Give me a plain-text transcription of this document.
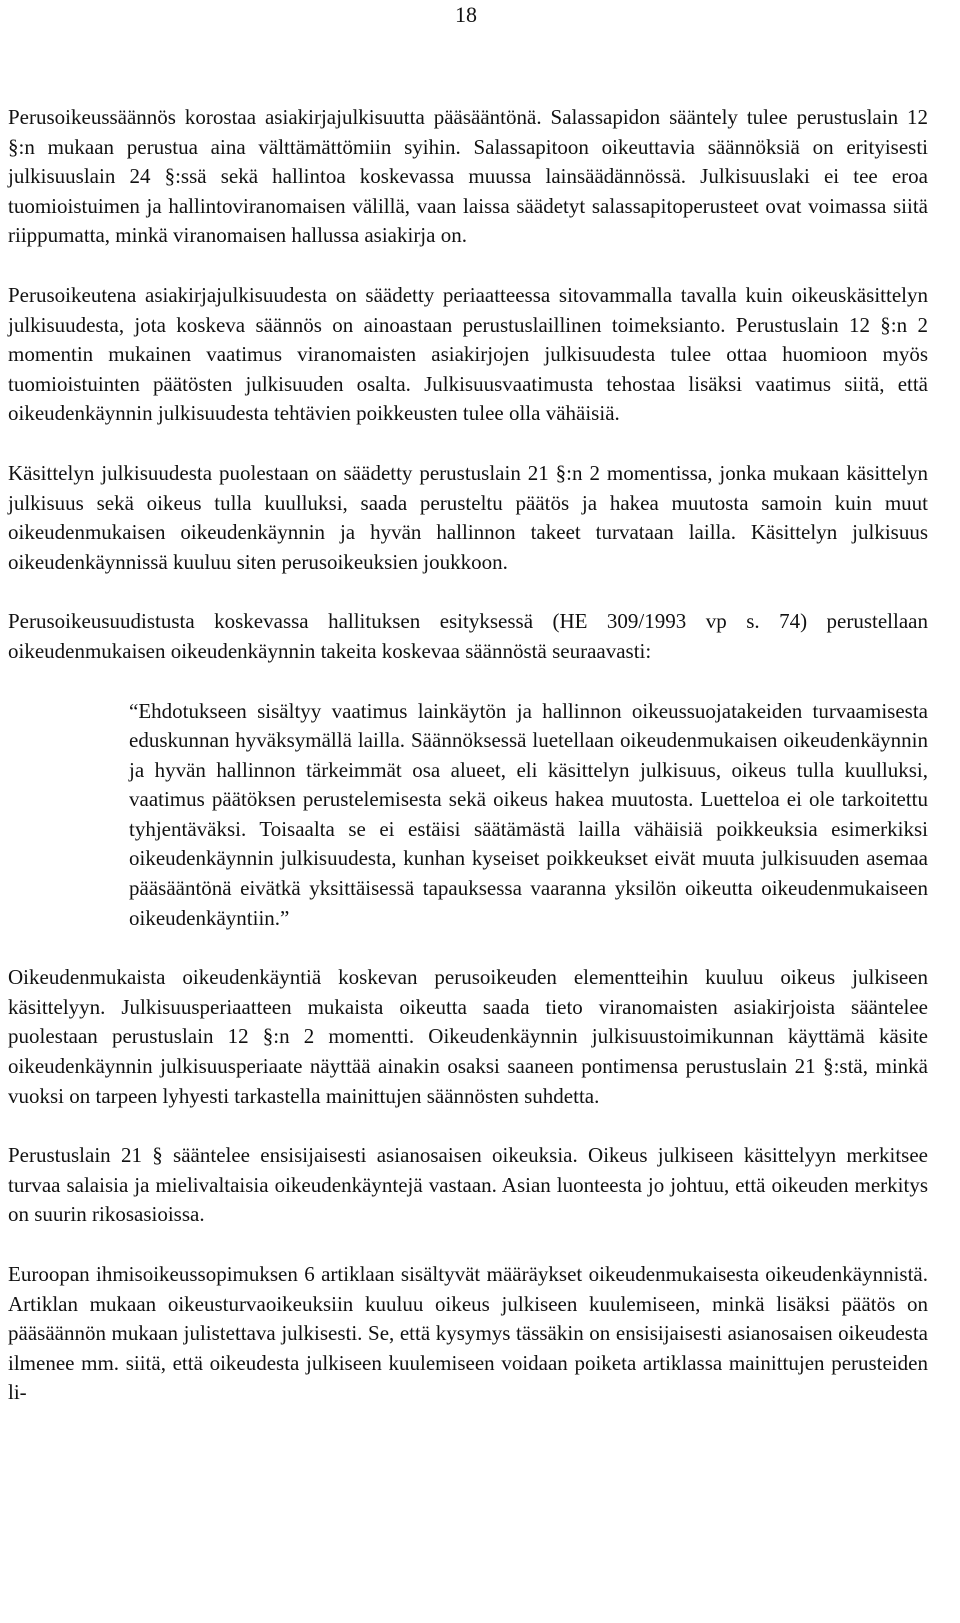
18

Perusoikeussäännös korostaa asiakirjajulkisuutta pääsääntönä. Salassapidon sääntely tulee perustuslain 12 §:n mukaan perustua aina välttämättömiin syihin. Salassapitoon oikeuttavia säännöksiä on erityisesti julkisuuslain 24 §:ssä sekä hallintoa koskevassa muussa lainsäädännössä. Julkisuuslaki ei tee eroa tuomioistuimen ja hallintoviranomaisen välillä, vaan laissa säädetyt salassapitoperusteet ovat voimassa siitä riippumatta, minkä viranomaisen hallussa asiakirja on.

Perusoikeutena asiakirjajulkisuudesta on säädetty periaatteessa sitovammalla tavalla kuin oikeuskäsittelyn julkisuudesta, jota koskeva säännös on ainoastaan perustuslaillinen toimeksianto. Perustuslain 12 §:n 2 momentin mukainen vaatimus viranomaisten asiakirjojen julkisuudesta tulee ottaa huomioon myös tuomioistuinten päätösten julkisuuden osalta. Julkisuusvaatimusta tehostaa lisäksi vaatimus siitä, että oikeudenkäynnin julkisuudesta tehtävien poikkeusten tulee olla vähäisiä.

Käsittelyn julkisuudesta puolestaan on säädetty perustuslain 21 §:n 2 momentissa, jonka mukaan käsittelyn julkisuus sekä oikeus tulla kuulluksi, saada perusteltu päätös ja hakea muutosta samoin kuin muut oikeudenmukaisen oikeudenkäynnin ja hyvän hallinnon takeet turvataan lailla. Käsittelyn julkisuus oikeudenkäynnissä kuuluu siten perusoikeuksien joukkoon.

Perusoikeusuudistusta koskevassa hallituksen esityksessä (HE 309/1993 vp s. 74) perustellaan oikeudenmukaisen oikeudenkäynnin takeita koskevaa säännöstä seuraavasti:

“Ehdotukseen sisältyy vaatimus lainkäytön ja hallinnon oikeussuojatakeiden turvaamisesta eduskunnan hyväksymällä lailla. Säännöksessä luetellaan oikeudenmukaisen oikeudenkäynnin ja hyvän hallinnon tärkeimmät osa alueet, eli käsittelyn julkisuus, oikeus tulla kuulluksi, vaatimus päätöksen perustelemisesta sekä oikeus hakea muutosta. Luetteloa ei ole tarkoitettu tyhjentäväksi. Toisaalta se ei estäisi säätämästä lailla vähäisiä poikkeuksia esimerkiksi oikeudenkäynnin julkisuudesta, kunhan kyseiset poikkeukset eivät muuta julkisuuden asemaa pääsääntönä eivätkä yksittäisessä tapauksessa vaaranna yksilön oikeutta oikeudenmukaiseen oikeudenkäyntiin.”

Oikeudenmukaista oikeudenkäyntiä koskevan perusoikeuden elementteihin kuuluu oikeus julkiseen käsittelyyn. Julkisuusperiaatteen mukaista oikeutta saada tieto viranomaisten asiakirjoista sääntelee puolestaan perustuslain 12 §:n 2 momentti. Oikeudenkäynnin julkisuustoimikunnan käyttämä käsite oikeudenkäynnin julkisuusperiaate näyttää ainakin osaksi saaneen pontimensa perustuslain 21 §:stä, minkä vuoksi on tarpeen lyhyesti tarkastella mainittujen säännösten suhdetta.

Perustuslain 21 § sääntelee ensisijaisesti asianosaisen oikeuksia. Oikeus julkiseen käsittelyyn merkitsee turvaa salaisia ja mielivaltaisia oikeudenkäyntejä vastaan. Asian luonteesta jo johtuu, että oikeuden merkitys on suurin rikosasioissa.

Euroopan ihmisoikeussopimuksen 6 artiklaan sisältyvät määräykset oikeudenmukaisesta oikeudenkäynnistä. Artiklan mukaan oikeusturvaoikeuksiin kuuluu oikeus julkiseen kuulemiseen, minkä lisäksi päätös on pääsäännön mukaan julistettava julkisesti. Se, että kysymys tässäkin on ensisijaisesti asianosaisen oikeudesta ilmenee mm. siitä, että oikeudesta julkiseen kuulemiseen voidaan poiketa artiklassa mainittujen perusteiden li-
